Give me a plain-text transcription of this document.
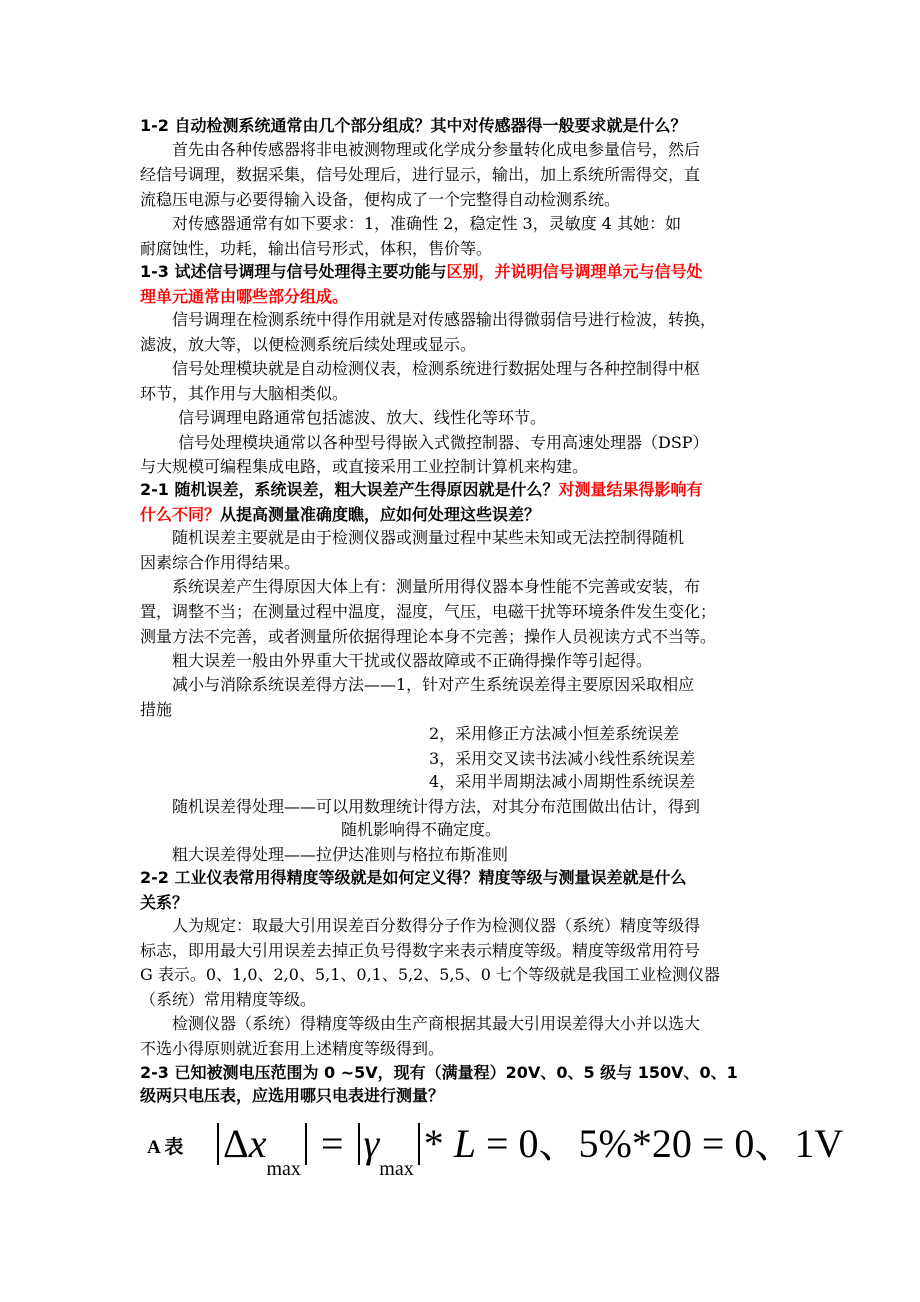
1-2 自动检测系统通常由几个部分组成？其中对传感器得一般要求就是什么？

首先由各种传感器将非电被测物理或化学成分参量转化成电参量信号，然后

经信号调理，数据采集，信号处理后，进行显示，输出，加上系统所需得交，直

流稳压电源与必要得输入设备，便构成了一个完整得自动检测系统。

对传感器通常有如下要求：1，准确性 2，稳定性 3，灵敏度 4 其她：如

耐腐蚀性，功耗，输出信号形式，体积，售价等。

1-3 试述信号调理与信号处理得主要功能与区别，并说明信号调理单元与信号处

理单元通常由哪些部分组成。

信号调理在检测系统中得作用就是对传感器输出得微弱信号进行检波，转换，

滤波，放大等，以便检测系统后续处理或显示。

信号处理模块就是自动检测仪表，检测系统进行数据处理与各种控制得中枢

环节，其作用与大脑相类似。

信号调理电路通常包括滤波、放大、线性化等环节。

信号处理模块通常以各种型号得嵌入式微控制器、专用高速处理器（DSP）

与大规模可编程集成电路，或直接采用工业控制计算机来构建。

2-1 随机误差，系统误差，粗大误差产生得原因就是什么？对测量结果得影响有

什么不同？从提高测量准确度瞧，应如何处理这些误差？

随机误差主要就是由于检测仪器或测量过程中某些未知或无法控制得随机

因素综合作用得结果。

系统误差产生得原因大体上有：测量所用得仪器本身性能不完善或安装，布

置，调整不当；在测量过程中温度，湿度，气压，电磁干扰等环境条件发生变化；

测量方法不完善，或者测量所依据得理论本身不完善；操作人员视读方式不当等。

粗大误差一般由外界重大干扰或仪器故障或不正确得操作等引起得。

减小与消除系统误差得方法——1，针对产生系统误差得主要原因采取相应

措施

2，采用修正方法减小恒差系统误差

3，采用交叉读书法减小线性系统误差

4，采用半周期法减小周期性系统误差

随机误差得处理——可以用数理统计得方法，对其分布范围做出估计，得到

随机影响得不确定度。

粗大误差得处理——拉伊达准则与格拉布斯准则

2-2 工业仪表常用得精度等级就是如何定义得？精度等级与测量误差就是什么

关系？

人为规定：取最大引用误差百分数得分子作为检测仪器（系统）精度等级得

标志，即用最大引用误差去掉正负号得数字来表示精度等级。精度等级常用符号

G 表示。0、1,0、2,0、5,1、0,1、5,2、5,5、0 七个等级就是我国工业检测仪器

（系统）常用精度等级。

检测仪器（系统）得精度等级由生产商根据其最大引用误差得大小并以选大

不选小得原则就近套用上述精度等级得到。

2-3 已知被测电压范围为 0 ~5V，现有（满量程）20V、0、5 级与 150V、0、1

级两只电压表，应选用哪只电表进行测量？

A 表 $\Delta x_{max} = \gamma_{max}*$ L = 0、5%*20 = 0、1V
